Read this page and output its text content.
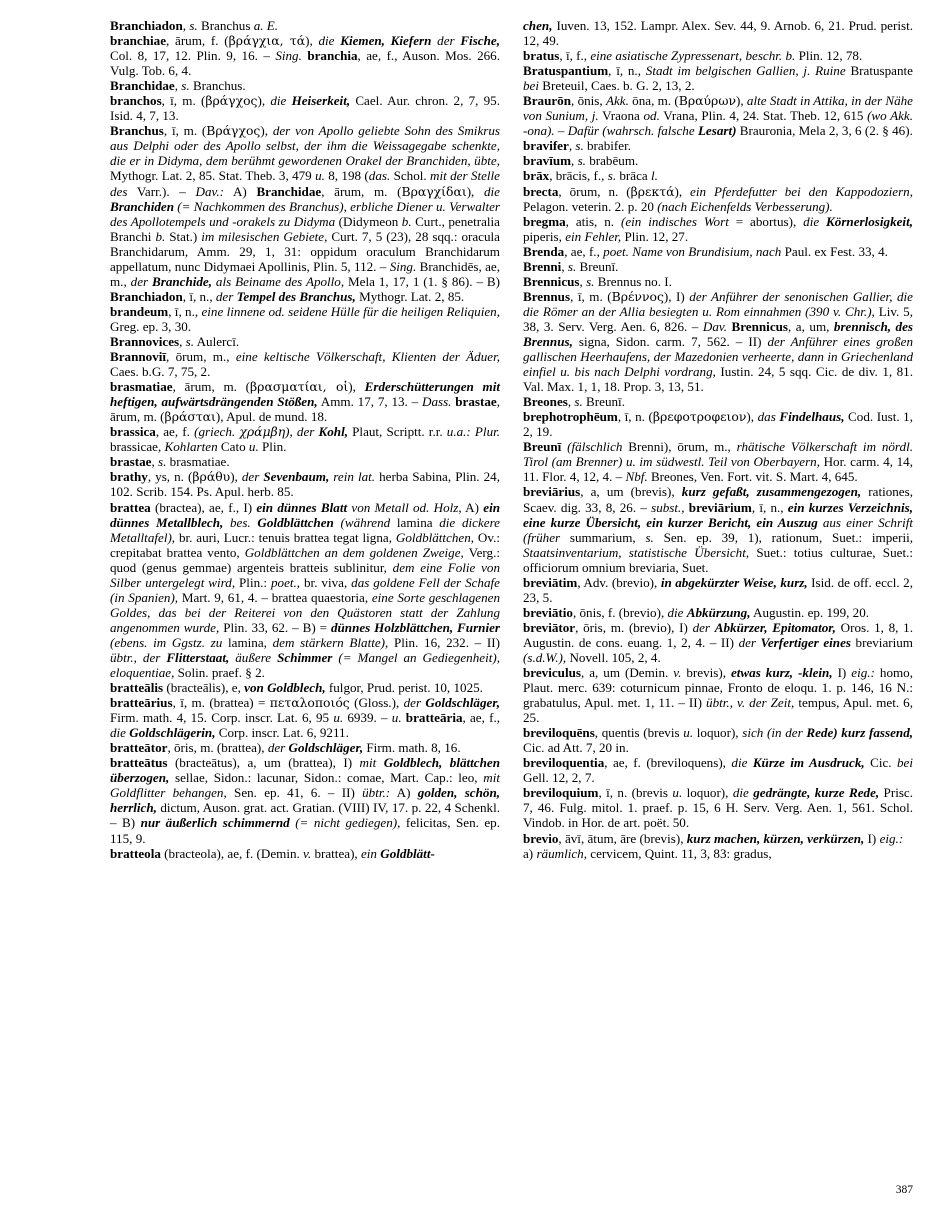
Branchiadon, s. Branchus a. E.

branchiae, ārum, f. (βράγχια, τά), die Kiemen, Kiefern der Fische, Col. 8, 17, 12. Plin. 9, 16. – Sing. branchia, ae, f., Auson. Mos. 266. Vulg. Tob. 6, 4.

Branchidae, s. Branchus.

branchos, ī, m. (βράγχος), die Heiserkeit, Cael. Aur. chron. 2, 7, 95. Isid. 4, 7, 13.

Branchus, ī, m. (Βράγχος), der von Apollo geliebte Sohn des Smikrus aus Delphi oder des Apollo selbst, der ihm die Weissagegabe schenkte, die er in Didyma, dem berühmt gewordenen Orakel der Branchiden, übte, Mythogr. Lat. 2, 85. Stat. Theb. 3, 479 u. 8, 198 (das. Schol. mit der Stelle des Varr.). – Dav.: A) Branchidae, ārum, m. (Βραγχίδαι), die Branchiden (= Nachkommen des Branchus), erbliche Diener u. Verwalter des Apollotempels und -orakels zu Didyma (Didymeon b. Curt., penetralia Branchi b. Stat.) im milesischen Gebiete, Curt. 7, 5 (23), 28 sqq.: oracula Branchidarum, Amm. 29, 1, 31: oppidum oraculum Branchidarum appellatum, nunc Didymaei Apollinis, Plin. 5, 112. – Sing. Branchidēs, ae, m., der Branchide, als Beiname des Apollo, Mela 1, 17, 1 (1. § 86). – B) Branchiadon, ī, n., der Tempel des Branchus, Mythogr. Lat. 2, 85.

brandeum, ī, n., eine linnene od. seidene Hülle für die heiligen Reliquien, Greg. ep. 3, 30.

Brannovices, s. Aulercī.

Brannoviī, ōrum, m., eine keltische Völkerschaft, Klienten der Äduer, Caes. b.G. 7, 75, 2.

brasmatiae, ārum, m. (βρασματίαι, οἱ), Erderschütterungen mit heftigen, aufwärtsdrängenden Stößen, Amm. 17, 7, 13. – Dass. brastae, ārum, m. (βράσται), Apul. de mund. 18.

brassica, ae, f. (griech. χράμβη), der Kohl, Plaut, Scriptt. r.r. u.a.: Plur. brassicae, Kohlarten Cato u. Plin.

brastae, s. brasmatiae.

brathy, ys, n. (βράθυ), der Sevenbaum, rein lat. herba Sabina, Plin. 24, 102. Scrib. 154. Ps. Apul. herb. 85.

brattea (bractea), ae, f., I) ein dünnes Blatt von Metall od. Holz, A) ein dünnes Metallblech, bes. Goldblättchen (während lamina die dickere Metalltafel), br. auri, Lucr.: tenuis brattea tegat ligna, Goldblättchen, Ov.: crepitabat brattea vento, Goldblättchen an dem goldenen Zweige, Verg.: quod (genus gemmae) argenteis bratteis sublinitur, dem eine Folie von Silber untergelegt wird, Plin.: poet., br. viva, das goldene Fell der Schafe (in Spanien), Mart. 9, 61, 4. – brattea quaestoria, eine Sorte geschlagenen Goldes, das bei der Reiterei von den Quästoren statt der Zahlung angenommen wurde, Plin. 33, 62. – B) = dünnes Holzblättchen, Furnier (ebens. im Ggstz. zu lamina, dem stärkern Blatte), Plin. 16, 232. – II) übtr., der Flitterstaat, äußere Schimmer (= Mangel an Gediegenheit), eloquentiae, Solin. praef. § 2.

bratteālis (bracteālis), e, von Goldblech, fulgor, Prud. perist. 10, 1025.

bratteārius, ī, m. (brattea) = πεταλοποιός (Gloss.), der Goldschläger, Firm. math. 4, 15. Corp. inscr. Lat. 6, 95 u. 6939. – u. bratteāria, ae, f., die Goldschlägerin, Corp. inscr. Lat. 6, 9211.

bratteātor, ōris, m. (brattea), der Goldschläger, Firm. math. 8, 16.

bratteātus (bracteātus), a, um (brattea), I) mit Goldblech, blättchen überzogen, sellae, Sidon.: lacunar, Sidon.: comae, Mart. Cap.: leo, mit Goldflitter behangen, Sen. ep. 41, 6. – II) übtr.: A) golden, schön, herrlich, dictum, Auson. grat. act. Gratian. (VIII) IV, 17. p. 22, 4 Schenkl. – B) nur äußerlich schimmernd (= nicht gediegen), felicitas, Sen. ep. 115, 9.

bratteola (bracteola), ae, f. (Demin. v. brattea), ein Goldblätt-

chen, Iuven. 13, 152. Lampr. Alex. Sev. 44, 9. Arnob. 6, 21. Prud. perist. 12, 49.

bratus, ī, f., eine asiatische Zypressenart, beschr. b. Plin. 12, 78.

Bratuspantium, ī, n., Stadt im belgischen Gallien, j. Ruine Bratuspante bei Breteuil, Caes. b. G. 2, 13, 2.

Braurōn, ōnis, Akk. ōna, m. (Βραύρων), alte Stadt in Attika, in der Nähe von Sunium, j. Vraona od. Vrana, Plin. 4, 24. Stat. Theb. 12, 615 (wo Akk. -ona). – Dafür (wahrsch. falsche Lesart) Brauronia, Mela 2, 3, 6 (2. § 46).

bravifer, s. brabifer.

bravīum, s. brabēum.

brāx, brācis, f., s. brāca l.

brecta, ōrum, n. (βρεκτά), ein Pferdefutter bei den Kappodoziern, Pelagon. veterin. 2. p. 20 (nach Eichenfelds Verbesserung).

bregma, atis, n. (ein indisches Wort = abortus), die Körnerlosigkeit, piperis, ein Fehler, Plin. 12, 27.

Brenda, ae, f., poet. Name von Brundisium, nach Paul. ex Fest. 33, 4.

Brenni, s. Breunī.

Brennicus, s. Brennus no. I.

Brennus, ī, m. (Βρέννος), I) der Anführer der senonischen Gallier, die die Römer an der Allia besiegten u. Rom einnahmen (390 v. Chr.), Liv. 5, 38, 3. Serv. Verg. Aen. 6, 826. – Dav. Brennicus, a, um, brennisch, des Brennus, signa, Sidon. carm. 7, 562. – II) der Anführer eines großen gallischen Heerhaufens, der Mazedonien verheerte, dann in Griechenland einfiel u. bis nach Delphi vordrang, Iustin. 24, 5 sqq. Cic. de div. 1, 81. Val. Max. 1, 1, 18. Prop. 3, 13, 51.

Breones, s. Breunī.

brephotrophēum, ī, n. (βρεφοτροφειον), das Findelhaus, Cod. Iust. 1, 2, 19.

Breunī (fälschlich Brenni), ōrum, m., rhätische Völkerschaft im nördl. Tirol (am Brenner) u. im südwestl. Teil von Oberbayern, Hor. carm. 4, 14, 11. Flor. 4, 12, 4. – Nbf. Breones, Ven. Fort. vit. S. Mart. 4, 645.

breviārius, a, um (brevis), kurz gefaßt, zusammengezogen, rationes, Scaev. dig. 33, 8, 26. – subst., breviārium, ī, n., ein kurzes Verzeichnis, eine kurze Übersicht, ein kurzer Bericht, ein Auszug aus einer Schrift (früher summarium, s. Sen. ep. 39, 1), rationum, Suet.: imperii, Staatsinventarium, statistische Übersicht, Suet.: totius culturae, Suet.: officiorum omnium breviaria, Suet.

breviātim, Adv. (brevio), in abgekürzter Weise, kurz, Isid. de off. eccl. 2, 23, 5.

breviātio, ōnis, f. (brevio), die Abkürzung, Augustin. ep. 199, 20.

breviātor, ōris, m. (brevio), I) der Abkürzer, Epitomator, Oros. 1, 8, 1. Augustin. de cons. euang. 1, 2, 4. – II) der Verfertiger eines breviarium (s.d.W.), Novell. 105, 2, 4.

breviculus, a, um (Demin. v. brevis), etwas kurz, -klein, I) eig.: homo, Plaut. merc. 639: coturnicum pinnae, Fronto de eloqu. 1. p. 146, 16 N.: grabatulus, Apul. met. 1, 11. – II) übtr., v. der Zeit, tempus, Apul. met. 6, 25.

breviloquēns, quentis (brevis u. loquor), sich (in der Rede) kurz fassend, Cic. ad Att. 7, 20 in.

breviloquentia, ae, f. (breviloquens), die Kürze im Ausdruck, Cic. bei Gell. 12, 2, 7.

breviloquium, ī, n. (brevis u. loquor), die gedrängte, kurze Rede, Prisc. 7, 46. Fulg. mitol. 1. praef. p. 15, 6 H. Serv. Verg. Aen. 1, 561. Schol. Vindob. in Hor. de art. poët. 50.

brevio, āvī, ātum, āre (brevis), kurz machen, kürzen, verkürzen, I) eig.: a) räumlich, cervicem, Quint. 11, 3, 83: gradus,

387
